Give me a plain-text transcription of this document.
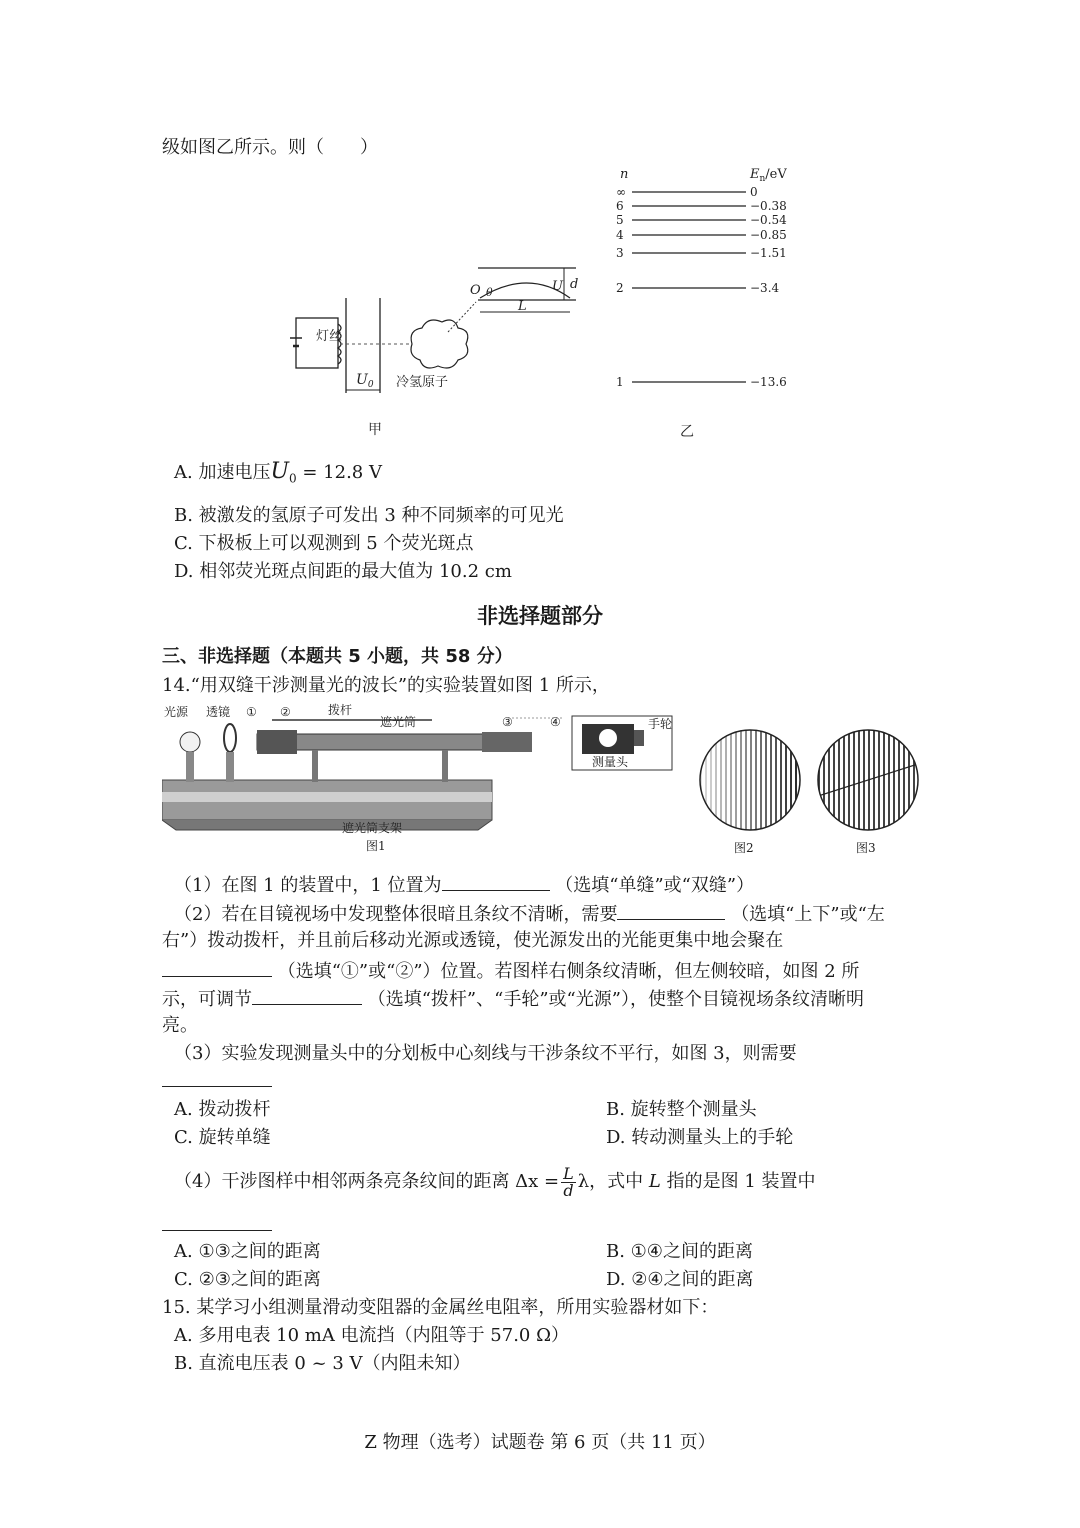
级如图乙所示。则（　　）
灯丝
$U_0$ 冷氢原子
O θ	U d
L
甲
n	$E_n/eV$
∞	0
6	−0.38
5	−0.54
4	−0.85
3	−1.51
2	−3.4
1	−13.6
乙
A. 加速电压$U_0 = 12.8$ V
B. 被激发的氢原子可发出 3 种不同频率的可见光
C. 下极板上可以观测到 5 个荧光斑点
D. 相邻荧光斑点间距的最大值为 10.2 cm
非选择题部分
三、非选择题（本题共 5 小题，共 58 分）
14.“用双缝干涉测量光的波长”的实验装置如图 1 所示，
光源 透镜 ① ②	拨杆
遮光筒	③	④	手轮
测量头
遮光筒支架
图1	图2	图3
（1）在图 1 的装置中，1 位置为	（选填“单缝”或“双缝”）
（2）若在目镜视场中发现整体很暗且条纹不清晰，需要	（选填“上下”或“左
右”）拨动拨杆，并且前后移动光源或透镜，使光源发出的光能更集中地会聚在
（选填“①”或“②”）位置。若图样右侧条纹清晰，但左侧较暗，如图 2 所
示，可调节	（选填“拨杆”、“手轮”或“光源”），使整个目镜视场条纹清晰明
亮。
（3）实验发现测量头中的分划板中心刻线与干涉条纹不平行，如图 3，则需要
A. 拨动拨杆	B. 旋转整个测量头
C. 旋转单缝	D. 转动测量头上的手轮
（4）干涉图样中相邻两条亮条纹间的距离 $\Delta x = \frac{L}{d}$ λ，式中 L 指的是图 1 装置中
A. ①③之间的距离	B. ①④之间的距离
C. ②③之间的距离	D. ②④之间的距离
15. 某学习小组测量滑动变阻器的金属丝电阻率，所用实验器材如下：
A. 多用电表 10 mA 电流挡（内阻等于 57.0 Ω）
B. 直流电压表 0 ~ 3 V（内阻未知）
Z 物理（选考）试题卷 第 6 页（共 11 页）
